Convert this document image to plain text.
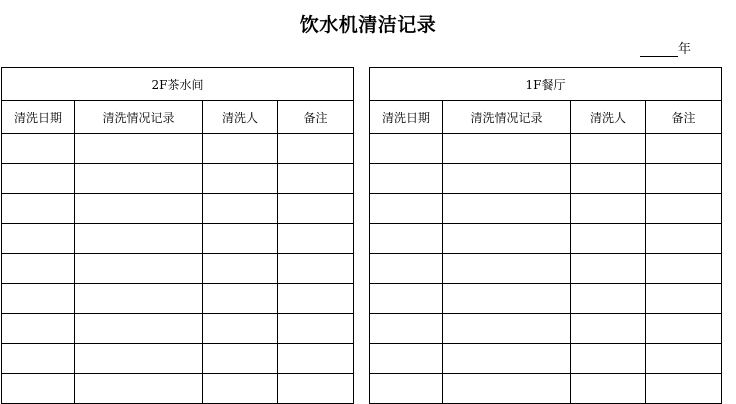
饮水机清洁记录
年
2F茶水间			
清洗日期	清洗情况记录	清洗人	备注

1F餐厅			
清洗日期	清洗情况记录	清洗人	备注
